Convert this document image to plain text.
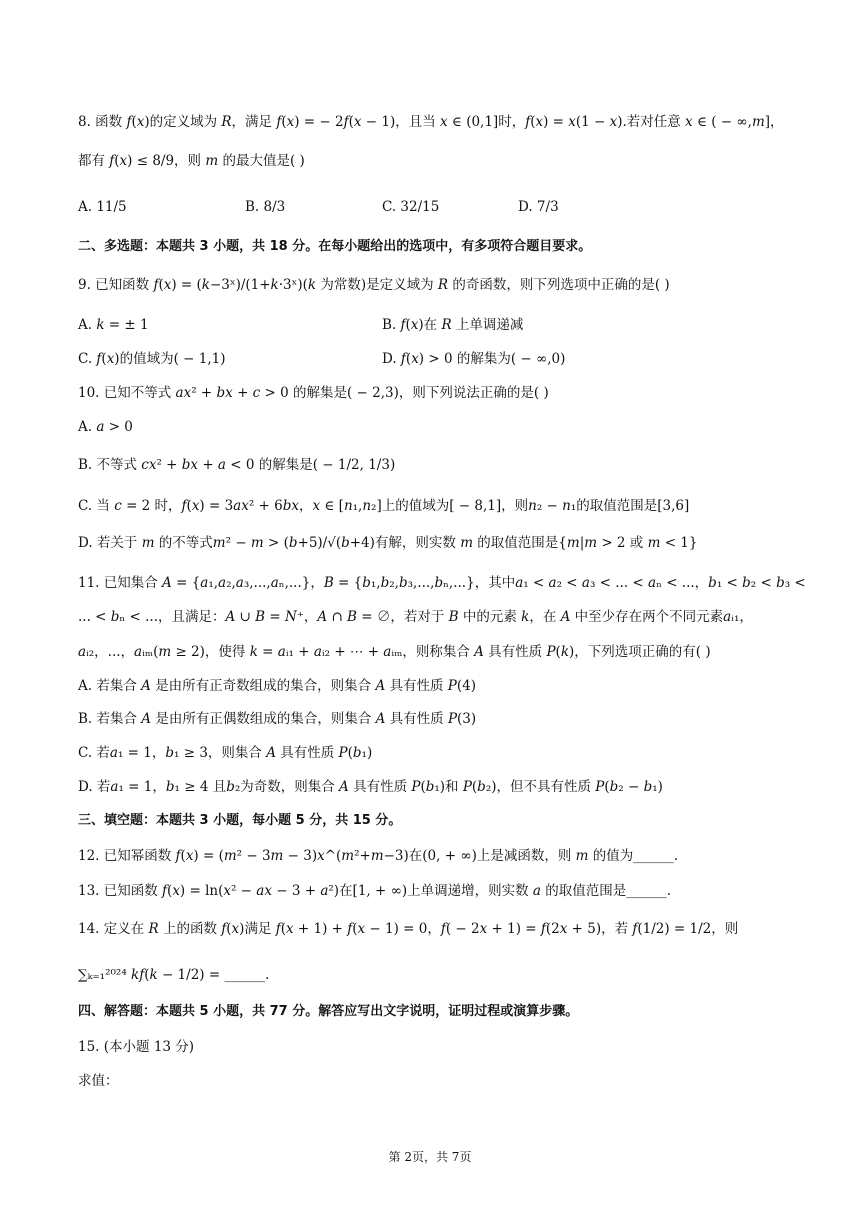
8. 函数 𝑓(𝑥)的定义域为 𝑅，满足 𝑓(𝑥) = − 2𝑓(𝑥 − 1)，且当 𝑥 ∈ (0,1]时，𝑓(𝑥) = 𝑥(1 − 𝑥).若对任意 𝑥 ∈ ( − ∞,𝑚]，
都有 𝑓(𝑥) ≤ 8/9，则 𝑚 的最大值是( )
A. 11/5	B. 8/3	C. 32/15	D. 7/3
二、多选题：本题共 3 小题，共 18 分。在每小题给出的选项中，有多项符合题目要求。
9. 已知函数 𝑓(𝑥) = (𝑘−3ˣ)/(1+𝑘·3ˣ)(𝑘 为常数)是定义域为 𝑅 的奇函数，则下列选项中正确的是( )
A. 𝑘 = ± 1	B. 𝑓(𝑥)在 𝑅 上单调递减
C. 𝑓(𝑥)的值域为( − 1,1)	D. 𝑓(𝑥) > 0 的解集为( − ∞,0)
10. 已知不等式 𝑎𝑥² + 𝑏𝑥 + 𝑐 > 0 的解集是( − 2,3)，则下列说法正确的是( )
A. 𝑎 > 0
B. 不等式 𝑐𝑥² + 𝑏𝑥 + 𝑎 < 0 的解集是( − 1/2, 1/3)
C. 当 𝑐 = 2 时，𝑓(𝑥) = 3𝑎𝑥² + 6𝑏𝑥，𝑥 ∈ [𝑛₁,𝑛₂]上的值域为[ − 8,1]，则𝑛₂ − 𝑛₁的取值范围是[3,6]
D. 若关于 𝑚 的不等式𝑚² − 𝑚 > (𝑏+5)/√(𝑏+4)有解，则实数 𝑚 的取值范围是{𝑚|𝑚 > 2 或 𝑚 < 1}
11. 已知集合 𝐴 = {𝑎₁,𝑎₂,𝑎₃,...,𝑎ₙ,...}，𝐵 = {𝑏₁,𝑏₂,𝑏₃,...,𝑏ₙ,...}，其中𝑎₁ < 𝑎₂ < 𝑎₃ < ... < 𝑎ₙ < ...，𝑏₁ < 𝑏₂ < 𝑏₃ <
... < 𝑏ₙ < ...，且满足：𝐴 ∪ 𝐵 = 𝑁⁺，𝐴 ∩ 𝐵 = ∅，若对于 𝐵 中的元素 𝑘，在 𝐴 中至少存在两个不同元素𝑎ᵢ₁，
𝑎ᵢ₂，...，𝑎ᵢₘ(𝑚 ≥ 2)，使得 𝑘 = 𝑎ᵢ₁ + 𝑎ᵢ₂ + ⋯ + 𝑎ᵢₘ，则称集合 𝐴 具有性质 𝑃(𝑘)，下列选项正确的有( )
A. 若集合 𝐴 是由所有正奇数组成的集合，则集合 𝐴 具有性质 𝑃(4)
B. 若集合 𝐴 是由所有正偶数组成的集合，则集合 𝐴 具有性质 𝑃(3)
C. 若𝑎₁ = 1，𝑏₁ ≥ 3，则集合 𝐴 具有性质 𝑃(𝑏₁)
D. 若𝑎₁ = 1，𝑏₁ ≥ 4 且𝑏₂为奇数，则集合 𝐴 具有性质 𝑃(𝑏₁)和 𝑃(𝑏₂)，但不具有性质 𝑃(𝑏₂ − 𝑏₁)
三、填空题：本题共 3 小题，每小题 5 分，共 15 分。
12. 已知幂函数 𝑓(𝑥) = (𝑚² − 3𝑚 − 3)𝑥^(𝑚²+𝑚−3)在(0, + ∞)上是减函数，则 𝑚 的值为______.
13. 已知函数 𝑓(𝑥) = ln(𝑥² − 𝑎𝑥 − 3 + 𝑎²)在[1, + ∞)上单调递增，则实数 𝑎 的取值范围是______.
14. 定义在 𝑅 上的函数 𝑓(𝑥)满足 𝑓(𝑥 + 1) + 𝑓(𝑥 − 1) = 0，𝑓( − 2𝑥 + 1) = 𝑓(2𝑥 + 5)，若 𝑓(1/2) = 1/2，则
∑ₖ₌₁²⁰²⁴ 𝑘𝑓(𝑘 − 1/2) = ______.
四、解答题：本题共 5 小题，共 77 分。解答应写出文字说明，证明过程或演算步骤。
15. (本小题 13 分)
求值：
第 2页，共 7页
